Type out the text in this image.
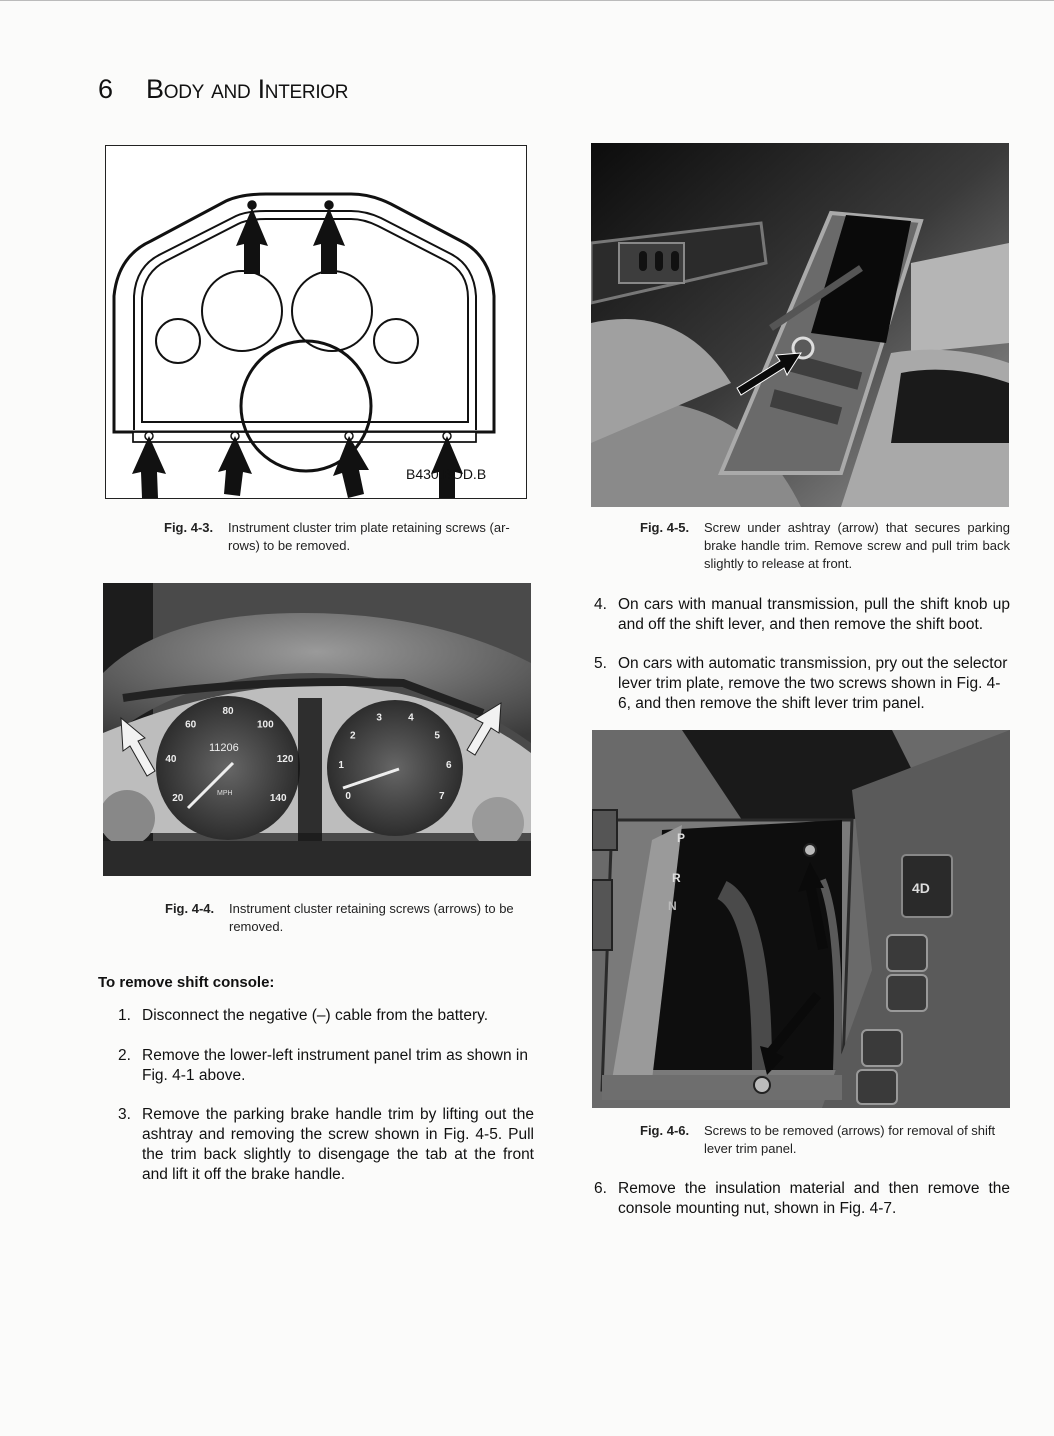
6 Body and Interior
B430.BOD.B
Fig. 4-3.	Instrument cluster trim plate retaining screws (ar-rows) to be removed.
11206
MPH
20
40
60
80
100
120
140	0
1
2
3	4
5
6
7
Fig. 4-4.	Instrument cluster retaining screws (arrows) to be removed.
To remove shift console:
1. Disconnect the negative (–) cable from the battery.
2. Remove the lower-left instrument panel trim as shown in Fig. 4-1 above.
3. Remove the parking brake handle trim by lifting out the ashtray and removing the screw shown in Fig. 4-5. Pull the trim back slightly to disengage the tab at the front and lift it off the brake handle.
Fig. 4-5.	Screw under ashtray (arrow) that secures parking brake handle trim. Remove screw and pull trim back slightly to release at front.
4. On cars with manual transmission, pull the shift knob up and off the shift lever, and then remove the shift boot.
5. On cars with automatic transmission, pry out the selector lever trim plate, remove the two screws shown in Fig. 4-6, and then remove the shift lever trim panel.
P
R
N
4D
Fig. 4-6.	Screws to be removed (arrows) for removal of shift lever trim panel.
6. Remove the insulation material and then remove the console mounting nut, shown in Fig. 4-7.
